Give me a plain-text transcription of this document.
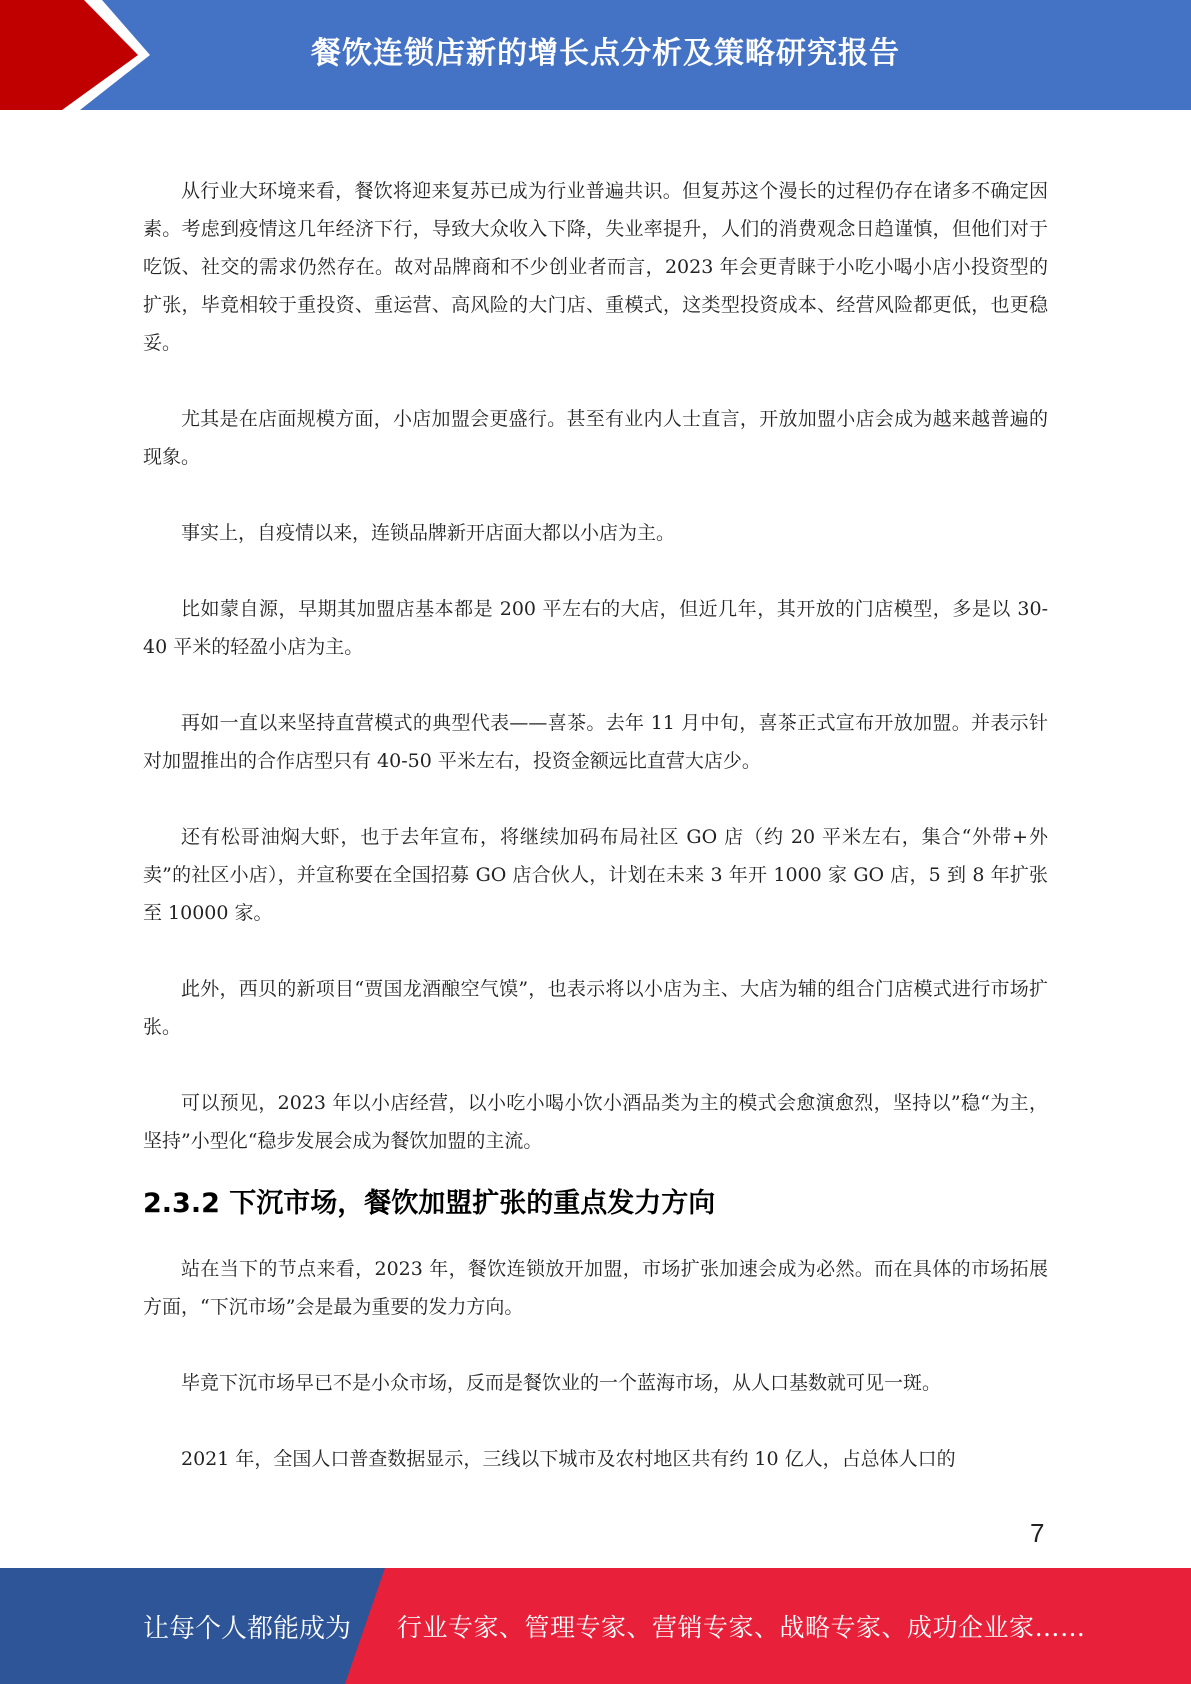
餐饮连锁店新的增长点分析及策略研究报告

从行业大环境来看，餐饮将迎来复苏已成为行业普遍共识。但复苏这个漫长的过程仍存在诸多不确定因素。考虑到疫情这几年经济下行，导致大众收入下降，失业率提升，人们的消费观念日趋谨慎，但他们对于吃饭、社交的需求仍然存在。故对品牌商和不少创业者而言，2023 年会更青睐于小吃小喝小店小投资型的扩张，毕竟相较于重投资、重运营、高风险的大门店、重模式，这类型投资成本、经营风险都更低，也更稳妥。

尤其是在店面规模方面，小店加盟会更盛行。甚至有业内人士直言，开放加盟小店会成为越来越普遍的现象。

事实上，自疫情以来，连锁品牌新开店面大都以小店为主。

比如蒙自源，早期其加盟店基本都是 200 平左右的大店，但近几年，其开放的门店模型，多是以 30-40 平米的轻盈小店为主。

再如一直以来坚持直营模式的典型代表——喜茶。去年 11 月中旬，喜茶正式宣布开放加盟。并表示针对加盟推出的合作店型只有 40-50 平米左右，投资金额远比直营大店少。

还有松哥油焖大虾，也于去年宣布，将继续加码布局社区 GO 店（约 20 平米左右，集合“外带+外卖”的社区小店），并宣称要在全国招募 GO 店合伙人，计划在未来 3 年开 1000 家 GO 店，5 到 8 年扩张至 10000 家。

此外，西贝的新项目“贾国龙酒酿空气馍”，也表示将以小店为主、大店为辅的组合门店模式进行市场扩张。

可以预见，2023 年以小店经营，以小吃小喝小饮小酒品类为主的模式会愈演愈烈，坚持以”稳“为主，坚持”小型化“稳步发展会成为餐饮加盟的主流。

2.3.2 下沉市场，餐饮加盟扩张的重点发力方向

站在当下的节点来看，2023 年，餐饮连锁放开加盟，市场扩张加速会成为必然。而在具体的市场拓展方面，“下沉市场”会是最为重要的发力方向。

毕竟下沉市场早已不是小众市场，反而是餐饮业的一个蓝海市场，从人口基数就可见一斑。

2021 年，全国人口普查数据显示，三线以下城市及农村地区共有约 10 亿人，占总体人口的

7
让每个人都能成为 行业专家、管理专家、营销专家、战略专家、成功企业家……
